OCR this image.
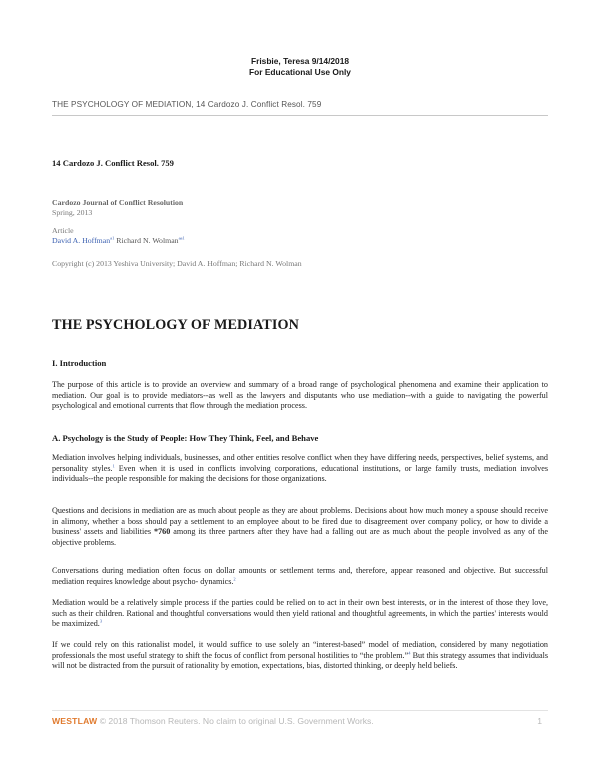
Frisbie, Teresa 9/14/2018
For Educational Use Only
THE PSYCHOLOGY OF MEDIATION, 14 Cardozo J. Conflict Resol. 759
14 Cardozo J. Conflict Resol. 759
Cardozo Journal of Conflict Resolution
Spring, 2013
Article
David A. Hoffman$^{a1}$ Richard N. Wolman$^{aa1}$
Copyright (c) 2013 Yeshiva University; David A. Hoffman; Richard N. Wolman
THE PSYCHOLOGY OF MEDIATION
I. Introduction
The purpose of this article is to provide an overview and summary of a broad range of psychological phenomena and examine their application to mediation. Our goal is to provide mediators--as well as the lawyers and disputants who use mediation--with a guide to navigating the powerful psychological and emotional currents that flow through the mediation process.
A. Psychology is the Study of People: How They Think, Feel, and Behave
Mediation involves helping individuals, businesses, and other entities resolve conflict when they have differing needs, perspectives, belief systems, and personality styles.$^1$ Even when it is used in conflicts involving corporations, educational institutions, or large family trusts, mediation involves individuals--the people responsible for making the decisions for those organizations.
Questions and decisions in mediation are as much about people as they are about problems. Decisions about how much money a spouse should receive in alimony, whether a boss should pay a settlement to an employee about to be fired due to disagreement over company policy, or how to divide a business' assets and liabilities *760 among its three partners after they have had a falling out are as much about the people involved as any of the objective problems.
Conversations during mediation often focus on dollar amounts or settlement terms and, therefore, appear reasoned and objective. But successful mediation requires knowledge about psycho- dynamics.$^2$
Mediation would be a relatively simple process if the parties could be relied on to act in their own best interests, or in the interest of those they love, such as their children. Rational and thoughtful conversations would then yield rational and thoughtful agreements, in which the parties' interests would be maximized.$^3$
If we could rely on this rationalist model, it would suffice to use solely an “interest-based” model of mediation, considered by many negotiation professionals the most useful strategy to shift the focus of conflict from personal hostilities to “the problem.”$^4$ But this strategy assumes that individuals will not be distracted from the pursuit of rationality by emotion, expectations, bias, distorted thinking, or deeply held beliefs.
WESTLAW © 2018 Thomson Reuters. No claim to original U.S. Government Works.	1
